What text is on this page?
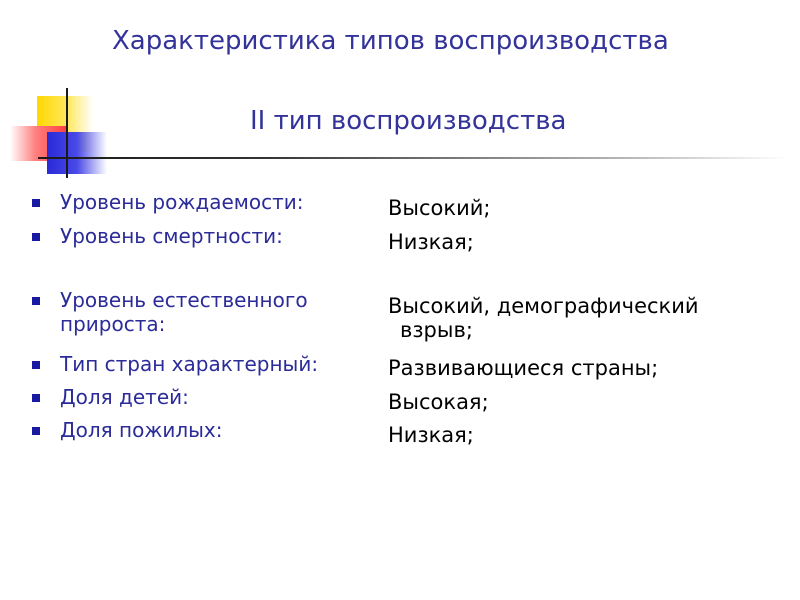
Характеристика типов воспроизводства
II тип воспроизводства
Уровень рождаемости:
Уровень смертности:
Уровень естественного
прироста:
Тип стран характерный:
Доля детей:
Доля пожилых:
Высокий;
Низкая;
Высокий, демографический
взрыв;
Развивающиеся страны;
Высокая;
Низкая;
